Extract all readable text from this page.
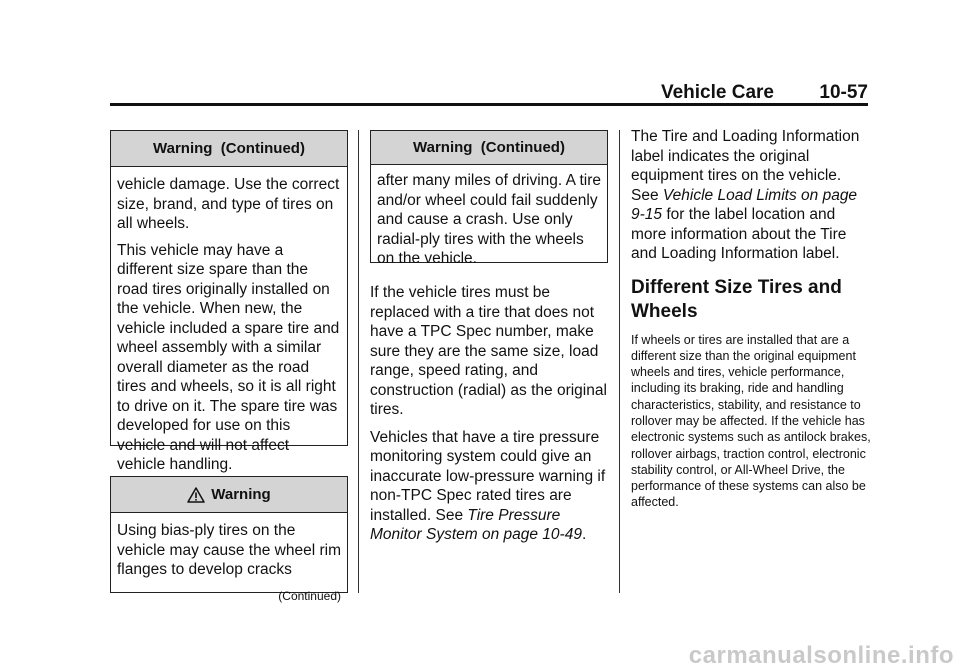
Vehicle Care 10-57
Warning  (Continued)

vehicle damage. Use the correct size, brand, and type of tires on all wheels.

This vehicle may have a different size spare than the road tires originally installed on the vehicle. When new, the vehicle included a spare tire and wheel assembly with a similar overall diameter as the road tires and wheels, so it is all right to drive on it. The spare tire was developed for use on this vehicle and will not affect vehicle handling.

Warning

Using bias-ply tires on the vehicle may cause the wheel rim flanges to develop cracks

(Continued)
Warning  (Continued)

after many miles of driving. A tire and/or wheel could fail suddenly and cause a crash. Use only radial-ply tires with the wheels on the vehicle.

If the vehicle tires must be replaced with a tire that does not have a TPC Spec number, make sure they are the same size, load range, speed rating, and construction (radial) as the original tires.

Vehicles that have a tire pressure monitoring system could give an inaccurate low-pressure warning if non-TPC Spec rated tires are installed. See Tire Pressure Monitor System on page 10-49.

The Tire and Loading Information label indicates the original equipment tires on the vehicle. See Vehicle Load Limits on page 9-15 for the label location and more information about the Tire and Loading Information label.

Different Size Tires and Wheels

If wheels or tires are installed that are a different size than the original equipment wheels and tires, vehicle performance, including its braking, ride and handling characteristics, stability, and resistance to rollover may be affected. If the vehicle has electronic systems such as antilock brakes, rollover airbags, traction control, electronic stability control, or All-Wheel Drive, the performance of these systems can also be affected.

carmanualsonline.info
